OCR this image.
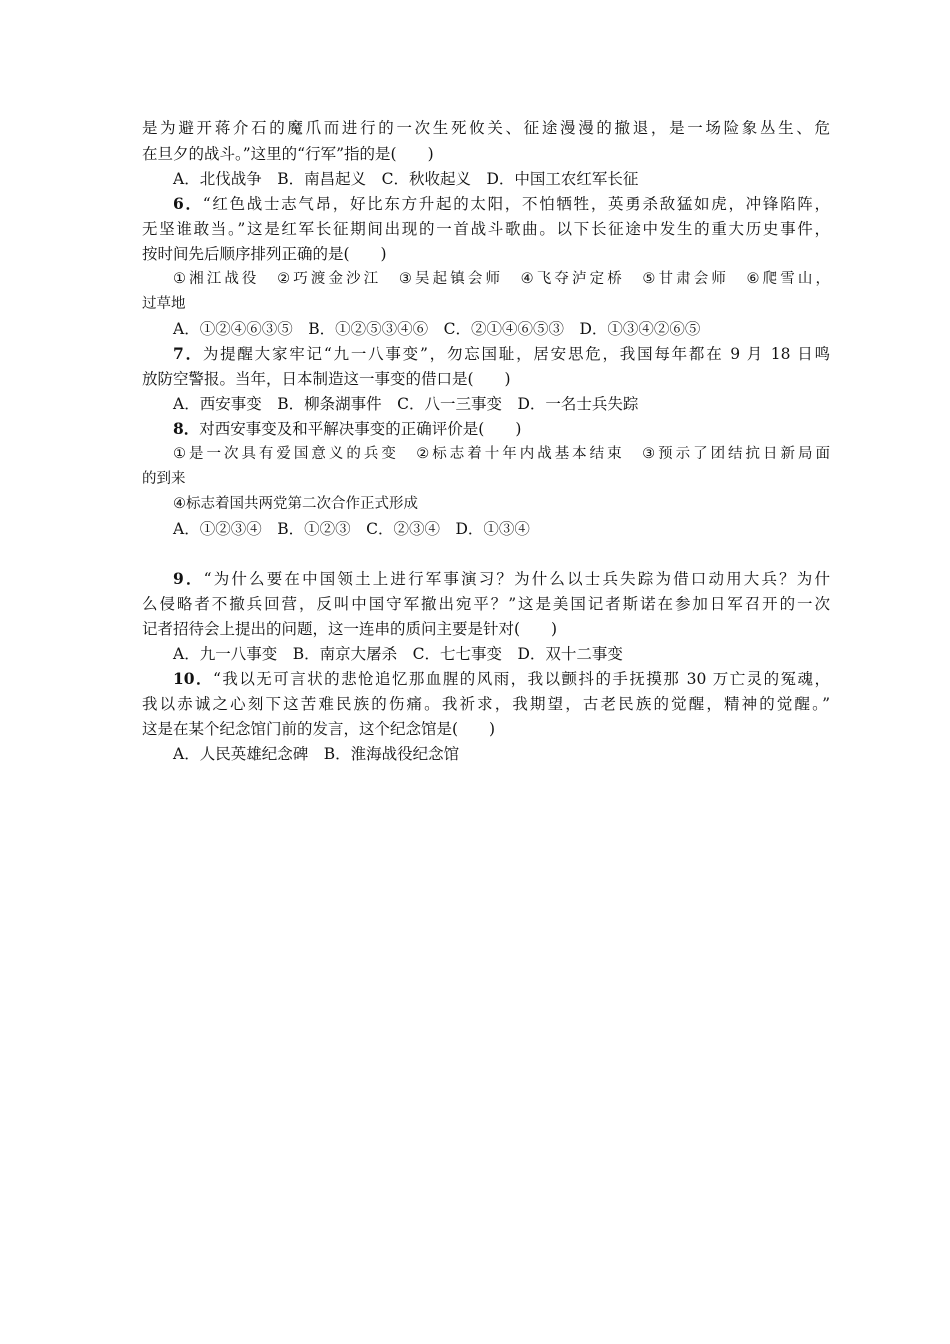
是为避开蒋介石的魔爪而进行的一次生死攸关、征途漫漫的撤退，是一场险象丛生、危
在旦夕的战斗。”这里的“行军”指的是(　　)
A．北伐战争　B．南昌起义　C．秋收起义　D．中国工农红军长征
6．“红色战士志气昂，好比东方升起的太阳，不怕牺牲，英勇杀敌猛如虎，冲锋陷阵，
无坚谁敢当。”这是红军长征期间出现的一首战斗歌曲。以下长征途中发生的重大历史事件，
按时间先后顺序排列正确的是(　　)
①湘江战役　②巧渡金沙江　③吴起镇会师　④飞夺泸定桥　⑤甘肃会师　⑥爬雪山，
过草地
A．①②④⑥③⑤　B．①②⑤③④⑥　C．②①④⑥⑤③　D．①③④②⑥⑤
7．为提醒大家牢记“九一八事变”，勿忘国耻，居安思危，我国每年都在 9 月 18 日鸣
放防空警报。当年，日本制造这一事变的借口是(　　)
A．西安事变　B．柳条湖事件　C．八一三事变　D．一名士兵失踪
8．对西安事变及和平解决事变的正确评价是(　　)
①是一次具有爱国意义的兵变　②标志着十年内战基本结束　③预示了团结抗日新局面
的到来
④标志着国共两党第二次合作正式形成
A．①②③④　B．①②③　C．②③④　D．①③④
9．“为什么要在中国领土上进行军事演习？为什么以士兵失踪为借口动用大兵？为什
么侵略者不撤兵回营，反叫中国守军撤出宛平？”这是美国记者斯诺在参加日军召开的一次
记者招待会上提出的问题，这一连串的质问主要是针对(　　)
A．九一八事变　B．南京大屠杀　C．七七事变　D．双十二事变
10．“我以无可言状的悲怆追忆那血腥的风雨，我以颤抖的手抚摸那 30 万亡灵的冤魂，
我以赤诚之心刻下这苦难民族的伤痛。我祈求，我期望，古老民族的觉醒，精神的觉醒。”
这是在某个纪念馆门前的发言，这个纪念馆是(　　)
A．人民英雄纪念碑　B．淮海战役纪念馆
